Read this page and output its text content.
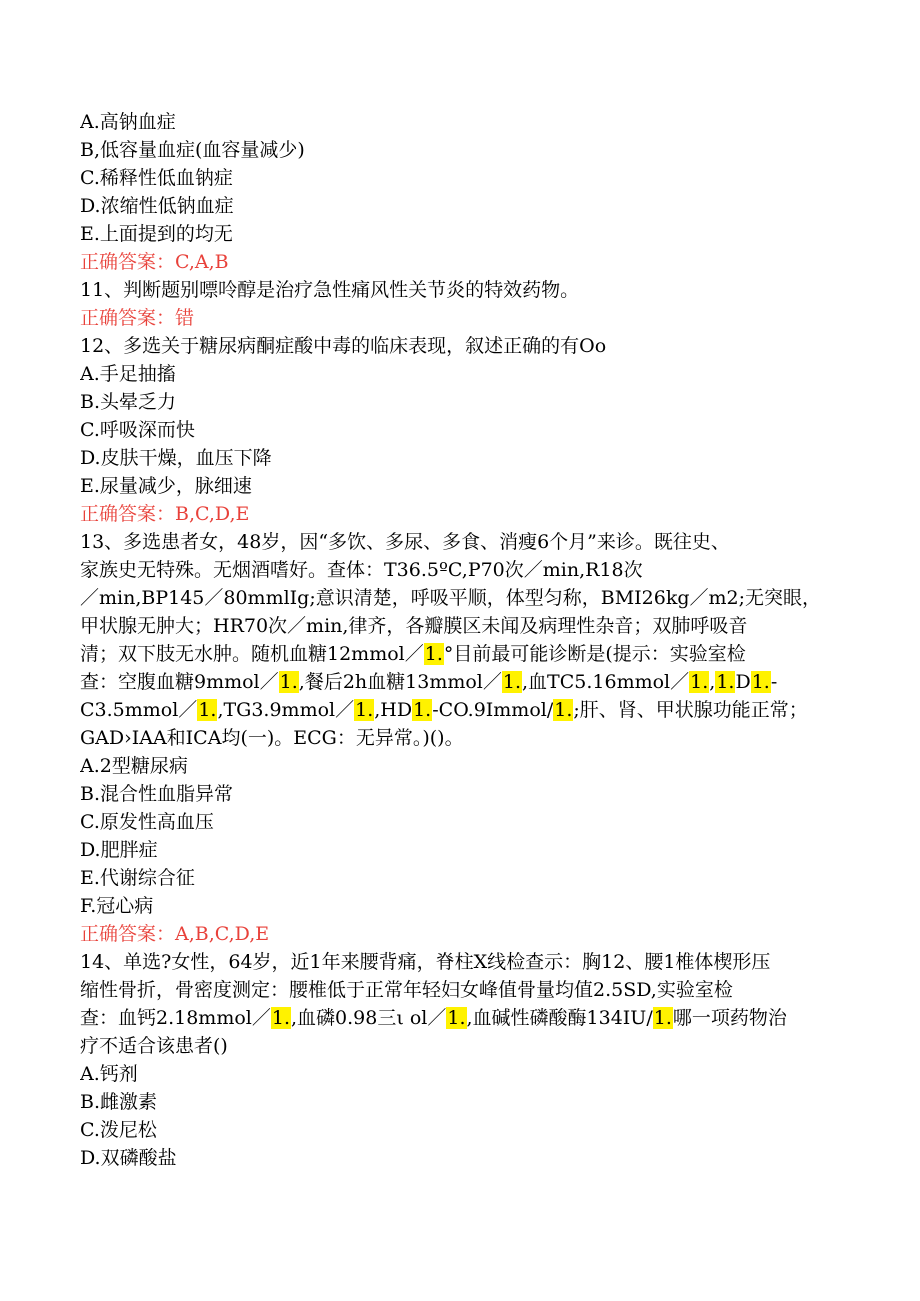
A.高钠血症
B,低容量血症(血容量减少)
C.稀释性低血钠症
D.浓缩性低钠血症
E.上面提到的均无
正确答案：C,A,B
11、判断题别嘌呤醇是治疗急性痛风性关节炎的特效药物。
正确答案：错
12、多选关于糖尿病酮症酸中毒的临床表现，叙述正确的有Oo
A.手足抽搐
B.头晕乏力
C.呼吸深而快
D.皮肤干燥，血压下降
E.尿量减少，脉细速
正确答案：B,C,D,E
13、多选患者女，48岁，因“多饮、多尿、多食、消瘦6个月”来诊。既往史、
家族史无特殊。无烟酒嗜好。查体：T36.5ºC,P70次／min,R18次
／min,BP145／80mmlIg;意识清楚，呼吸平顺，体型匀称，BMI26kg／m2;无突眼，
甲状腺无肿大；HR70次／min,律齐，各瓣膜区未闻及病理性杂音；双肺呼吸音
清；双下肢无水肿。随机血糖12mmol／1.°目前最可能诊断是(提示：实验室检
查：空腹血糖9mmol／1.,餐后2h血糖13mmol／1.,血TC5.16mmol／1.,1.D1.-
C3.5mmol／1.,TG3.9mmol／1.,HD1.-CO.9Immol/1.;肝、肾、甲状腺功能正常；
GAD›IAA和ICA均(一)。ECG：无异常。)()。
A.2型糖尿病
B.混合性血脂异常
C.原发性高血压
D.肥胖症
E.代谢综合征
F.冠心病
正确答案：A,B,C,D,E
14、单选?女性，64岁，近1年来腰背痛，脊柱X线检查示：胸12、腰1椎体楔形压
缩性骨折，骨密度测定：腰椎低于正常年轻妇女峰值骨量均值2.5SD,实验室检
查：血钙2.18mmol／1.,血磷0.98三ι ol／1.,血碱性磷酸酶134IU/1.哪一项药物治
疗不适合该患者()
A.钙剂
B.雌激素
C.泼尼松
D.双磷酸盐
